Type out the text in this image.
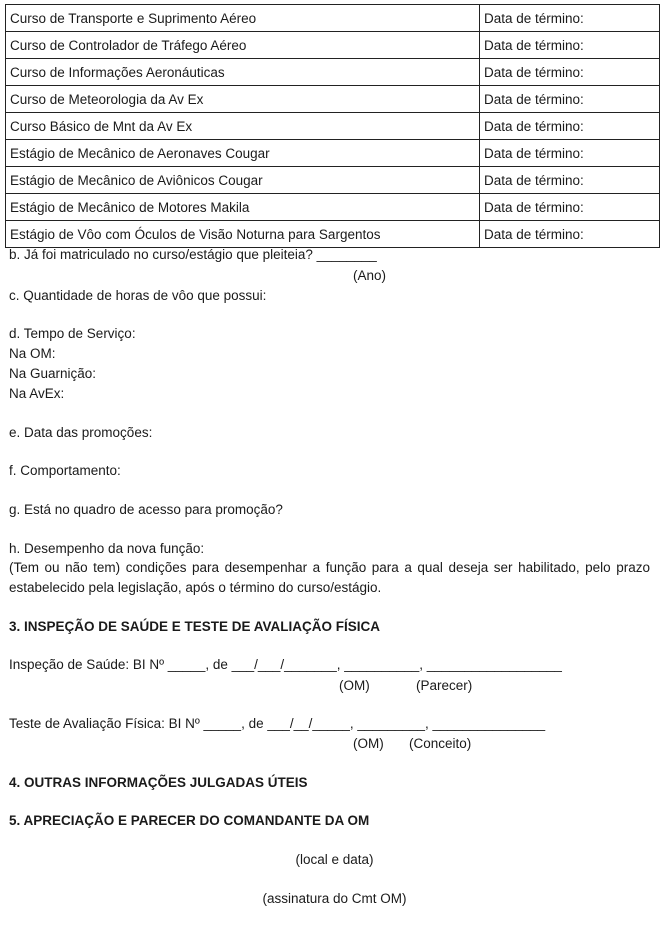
Curso de Transporte e Suprimento Aéreo	Data de término:
Curso de Controlador de Tráfego Aéreo	Data de término:
Curso de Informações Aeronáuticas	Data de término:
Curso de Meteorologia da Av Ex	Data de término:
Curso Básico de Mnt da Av Ex	Data de término:
Estágio de Mecânico de Aeronaves Cougar	Data de término:
Estágio de Mecânico de Aviônicos Cougar	Data de término:
Estágio de Mecânico de Motores Makila	Data de término:
Estágio de Vôo com Óculos de Visão Noturna para Sargentos	Data de término:
b. Já foi matriculado no curso/estágio que pleiteia? ________
(Ano)
c. Quantidade de horas de vôo que possui:
d. Tempo de Serviço:
Na OM:
Na Guarnição:
Na AvEx:
e. Data das promoções:
f. Comportamento:
g. Está no quadro de acesso para promoção?
h. Desempenho da nova função:
(Tem ou não tem) condições para desempenhar a função para a qual deseja ser habilitado, pelo prazo estabelecido pela legislação, após o término do curso/estágio.
3. INSPEÇÃO DE SAÚDE E TESTE DE AVALIAÇÃO FÍSICA
Inspeção de Saúde: BI Nº _____, de ___/___/_______, __________, __________________
(OM)	(Parecer)
Teste de Avaliação Física: BI Nº _____, de ___/__/_____, _________, _______________
(OM) (Conceito)
4. OUTRAS INFORMAÇÕES JULGADAS ÚTEIS
5. APRECIAÇÃO E PARECER DO COMANDANTE DA OM
(local e data)
(assinatura do Cmt OM)
